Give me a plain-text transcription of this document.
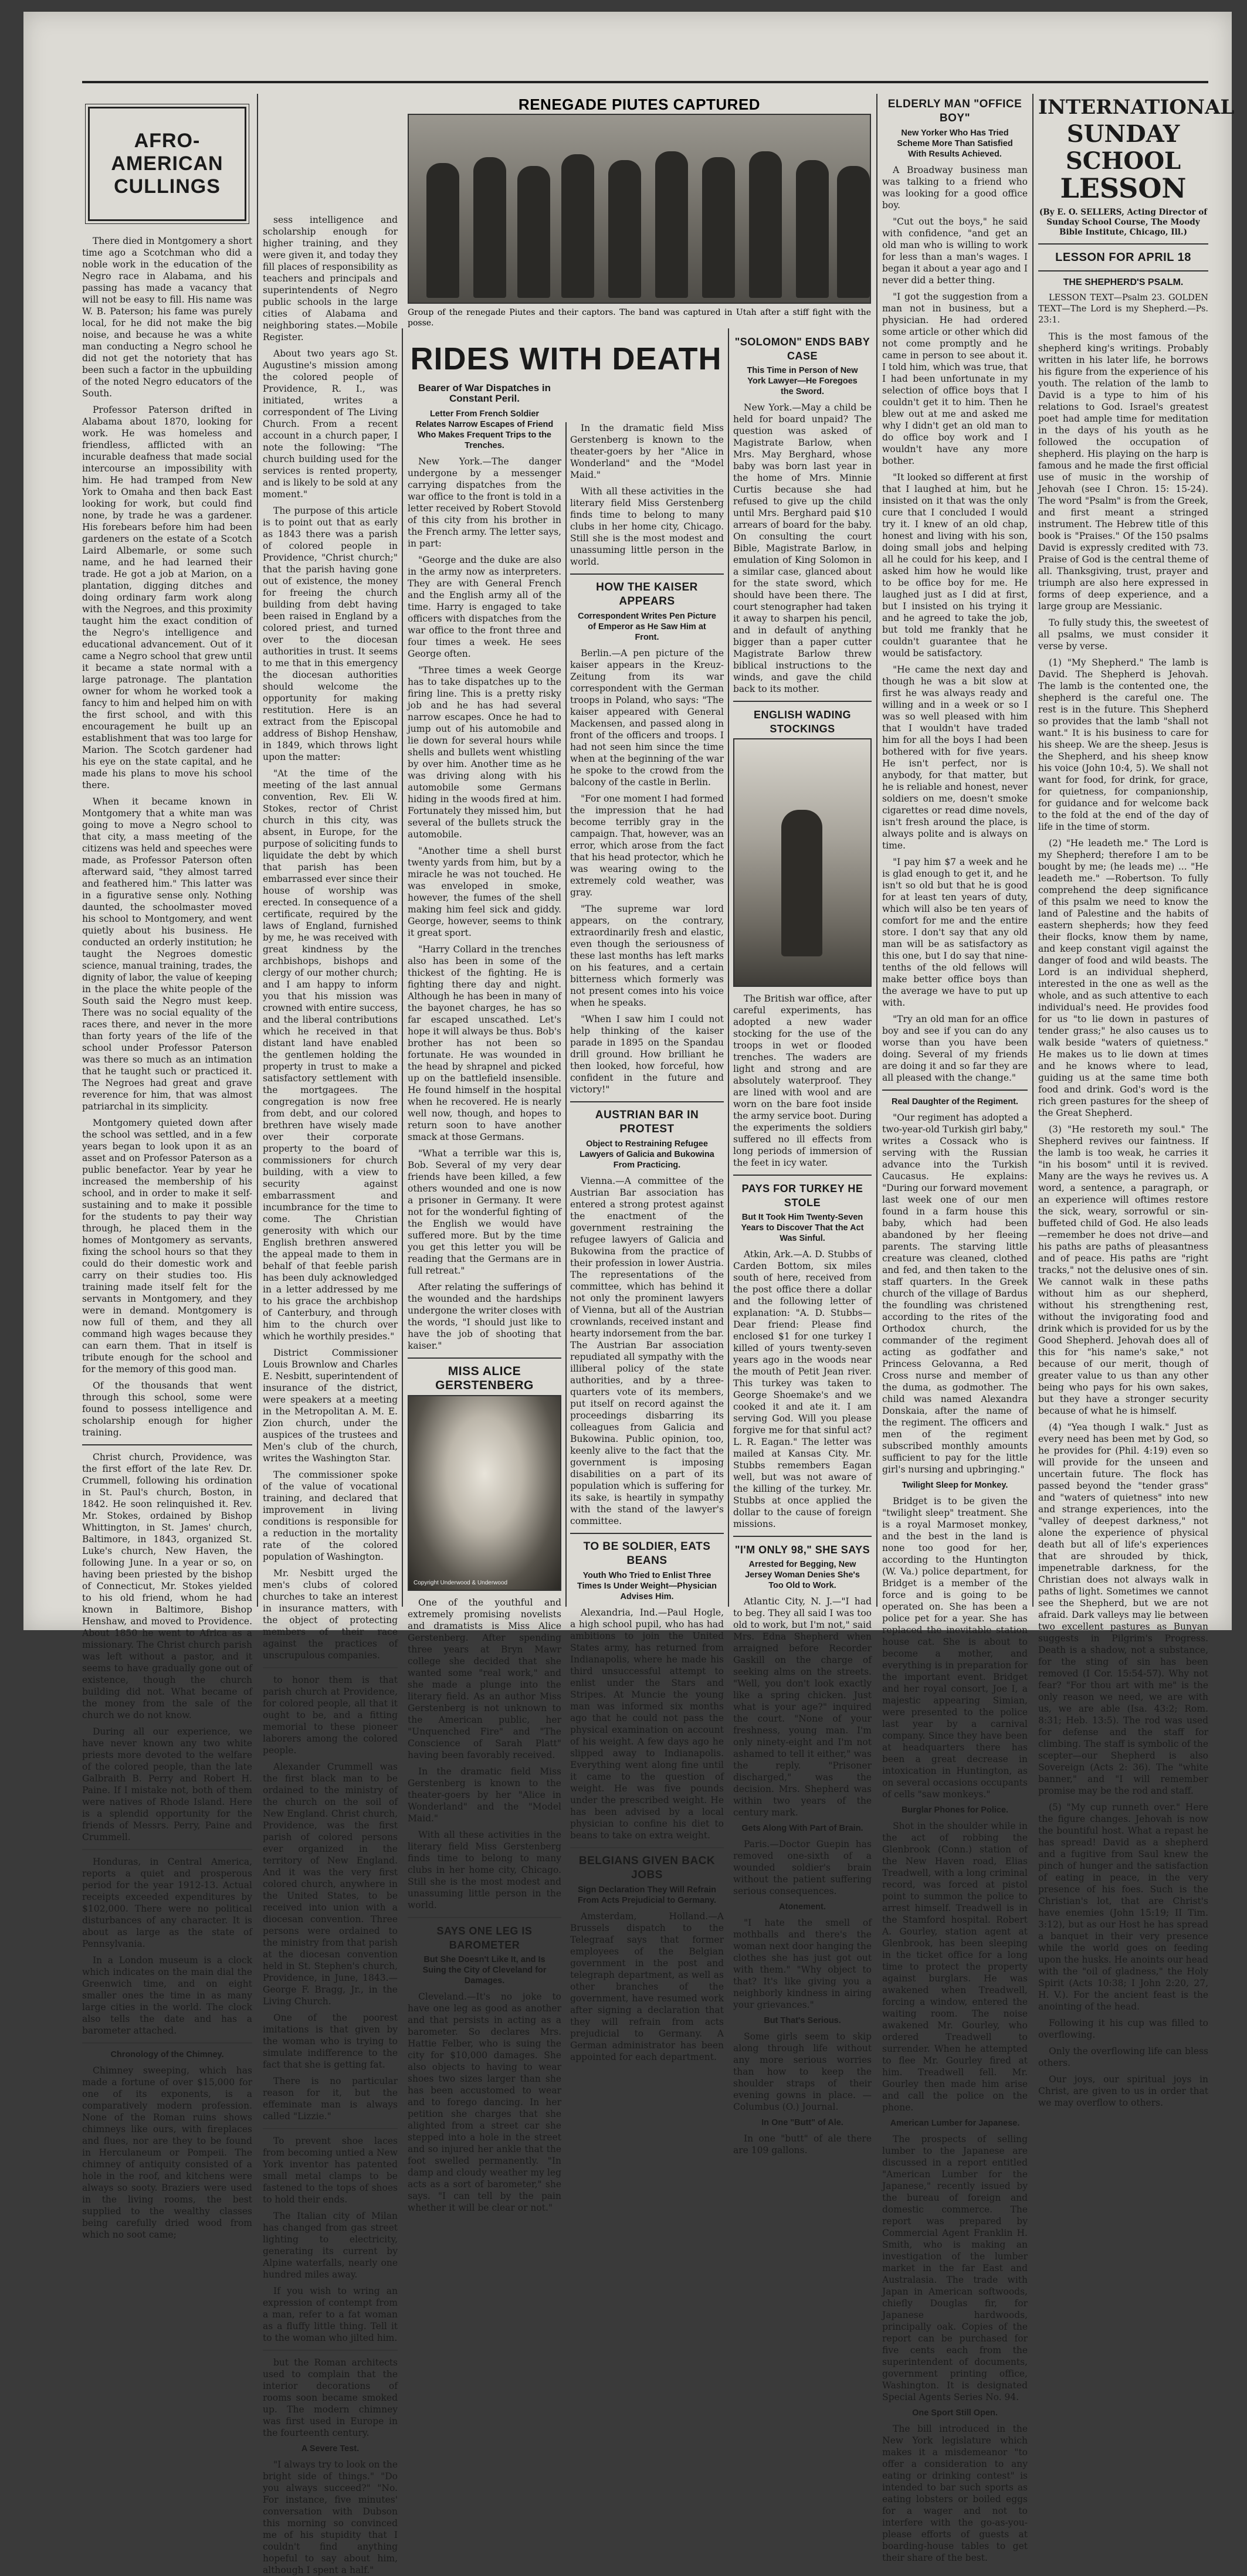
AFRO-AMERICAN CULLINGS

There died in Montgomery a short time ago a Scotchman who did a noble work in the education of the Negro race in Alabama, and his passing has made a vacancy that will not be easy to fill. His name was W. B. Paterson; his fame was purely local, for he did not make the big noise, and because he was a white man conducting a Negro school he did not get the notoriety that has been such a factor in the upbuilding of the noted Negro educators of the South.

Professor Paterson drifted in Alabama about 1870, looking for work. He was homeless and friendless, afflicted with an incurable deafness that made social intercourse an impossibility with him. He had tramped from New York to Omaha and then back East looking for work, but could find none, by trade he was a gardener. His forebears before him had been gardeners on the estate of a Scotch Laird Albemarle, or some such name, and he had learned their trade. He got a job at Marion, on a plantation, digging ditches and doing ordinary farm work along with the Negroes, and this proximity taught him the exact condition of the Negro's intelligence and educational advancement. Out of it came a Negro school that grew until it became a state normal with a large patronage. The plantation owner for whom he worked took a fancy to him and helped him on with the first school, and with this encouragement he built up an establishment that was too large for Marion. The Scotch gardener had his eye on the state capital, and he made his plans to move his school there.

When it became known in Montgomery that a white man was going to move a Negro school to that city, a mass meeting of the citizens was held and speeches were made, as Professor Paterson often afterward said, "they almost tarred and feathered him." This latter was in a figurative sense only. Nothing daunted, the schoolmaster moved his school to Montgomery, and went quietly about his business. He conducted an orderly institution; he taught the Negroes domestic science, manual training, trades, the dignity of labor, the value of keeping in the place the white people of the South said the Negro must keep. There was no social equality of the races there, and never in the more than forty years of the life of the school under Professor Paterson was there so much as an intimation that he taught such or practiced it. The Negroes had great and grave reverence for him, that was almost patriarchal in its simplicity.

Montgomery quieted down after the school was settled, and in a few years began to look upon it as an asset and on Professor Paterson as a public benefactor. Year by year he increased the membership of his school, and in order to make it self-sustaining and to make it possible for the students to pay their way through, he placed them in the homes of Montgomery as servants, fixing the school hours so that they could do their domestic work and carry on their studies too. His training made itself felt for the servants in Montgomery, and they were in demand. Montgomery is now full of them, and they all command high wages because they can earn them. That in itself is tribute enough for the school and for the memory of this good man.

Of the thousands that went through this school, some were found to possess intelligence and scholarship enough for higher training.

Christ church, Providence, was the first effort of the late Rev. Dr. Crummell, following his ordination in St. Paul's church, Boston, in 1842. He soon relinquished it. Rev. Mr. Stokes, ordained by Bishop Whittington, in St. James' church, Baltimore, in 1843, organized St. Luke's church, New Haven, the following June. In a year or so, on having been priested by the bishop of Connecticut, Mr. Stokes yielded to his old friend, whom he had known in Baltimore, Bishop Henshaw, and moved to Providence. About 1850 he went to Africa as a missionary. The Christ church parish was left without a pastor, and it seems to have gradually gone out of existence, though the church building did not. What became of the money from the sale of the church we do not know.

During all our experience, we have never known any two white priests more devoted to the welfare of the colored people, than the late Galbraith B. Perry and Robert H. Paine. If I mistake not, both of them were natives of Rhode Island. Here is a splendid opportunity for the friends of Messrs. Perry, Paine and Crummell.

Honduras, in Central America, reports a quiet and prosperous period for the year 1912-13. Actual receipts exceeded expenditures by $102,000. There were no political disturbances of any character. It is about as large as the state of Pennsylvania.

In a London museum is a clock which indicates on the main dial the Greenwich time, and on eight smaller ones the time in as many large cities in the world. The clock also tells the date and has a barometer attached.

Chronology of the Chimney.

Chimney sweeping, which has made a fortune of over $15,000 for one of its exponents, is a comparatively modern profession. None of the Roman ruins shows chimneys like ours, with fireplaces and flues, nor are they to be found in Herculaneum or Pompeii. The chimney of antiquity consisted of a hole in the roof, and kitchens were always so sooty. Braziers were used in the living rooms, the best supplied to the wealthy classes being carefully dried wood from which no soot came;

sess intelligence and scholarship enough for higher training, and they were given it, and today they fill places of responsibility as teachers and principals and superintendents of Negro public schools in the large cities of Alabama and neighboring states.—Mobile Register.

About two years ago St. Augustine's mission among the colored people of Providence, R. I., was initiated, writes a correspondent of The Living Church. From a recent account in a church paper, I note the following: "The church building used for the services is rented property, and is likely to be sold at any moment."

The purpose of this article is to point out that as early as 1843 there was a parish of colored people in Providence, "Christ church;" that the parish having gone out of existence, the money for freeing the church building from debt having been raised in England by a colored priest, and turned over to the diocesan authorities in trust. It seems to me that in this emergency the diocesan authorities should welcome the opportunity for making restitution. Here is an extract from the Episcopal address of Bishop Henshaw, in 1849, which throws light upon the matter:

"At the time of the meeting of the last annual convention, Rev. Eli W. Stokes, rector of Christ church in this city, was absent, in Europe, for the purpose of soliciting funds to liquidate the debt by which that parish has been embarrassed ever since their house of worship was erected. In consequence of a certificate, required by the laws of England, furnished by me, he was received with great kindness by the archbishops, bishops and clergy of our mother church; and I am happy to inform you that his mission was crowned with entire success, and the liberal contributions which he received in that distant land have enabled the gentlemen holding the property in trust to make a satisfactory settlement with the mortgagees. The congregation is now free from debt, and our colored brethren have wisely made over their corporate property to the board of commissioners for church building, with a view to security against embarrassment and incumbrance for the time to come. The Christian generosity with which our English brethren answered the appeal made to them in behalf of that feeble parish has been duly acknowledged in a letter addressed by me to his grace the archbishop of Canterbury, and through him to the church over which he worthily presides."

District Commissioner Louis Brownlow and Charles E. Nesbitt, superintendent of insurance of the district, were speakers at a meeting in the Metropolitan A. M. E. Zion church, under the auspices of the trustees and Men's club of the church, writes the Washington Star.

The commissioner spoke of the value of vocational training, and declared that improvement in living conditions is responsible for a reduction in the mortality rate of the colored population of Washington.

Mr. Nesbitt urged the men's clubs of colored churches to take an interest in insurance matters, with the object of protecting members of their race against the practices of unscrupulous companies.

to honor them is that parish church at Providence, for colored people, all that it ought to be, and a fitting memorial to these pioneer laborers among the colored people.

Alexander Crummell was the first black man to be ordained to the ministry of the church on the soil of New England. Christ church, Providence, was the first parish of colored persons ever organized in the territory of New England. And it was the very first colored church, anywhere in the United States, to be received into union with a diocesan convention. Three persons were ordained to the ministry from that parish at the diocesan convention held in St. Stephen's church, Providence, in June, 1843.—George F. Bragg, Jr., in the Living Church.

One of the poorest imitations is that given by the woman who is trying to simulate indifference to the fact that she is getting fat.

There is no particular reason for it, but the effeminate man is always called "Lizzie."

To prevent shoe laces from becoming untied a New York inventor has patented small metal clamps to be fastened to the tops of shoes to hold their ends.

The Italian city of Milan has changed from gas street lighting to electricity, generating its current by Alpine waterfalls, nearly one hundred miles away.

If you wish to wring an expression of contempt from a man, refer to a fat woman as a fluffy little thing. Tell it to the woman who jilted him.

but the Roman architects used to complain that the interior decorations of rooms soon became smoked up. The modern chimney was first used in Europe in the fourteenth century.

A Severe Test.

"I always try to look on the bright side of things." "Do you always succeed?" "No. For instance, five minutes' conversation with Dubson this morning so convinced me of his stupidity that I couldn't find anything hopeful to say about him, although I spent a half."

RENEGADE PIUTES CAPTURED
Group of the renegade Piutes and their captors. The band was captured in Utah after a stiff fight with the posse.
RIDES WITH DEATH
Bearer of War Dispatches in Constant Peril.
Letter From French Soldier Relates Narrow Escapes of Friend Who Makes Frequent Trips to the Trenches.

New York.—The danger undergone by a messenger carrying dispatches from the war office to the front is told in a letter received by Robert Stovold of this city from his brother in the French army. The letter says, in part:

"George and the duke are also in the army now as interpreters. They are with General French and the English army all of the time. Harry is engaged to take officers with dispatches from the war office to the front three and four times a week. He sees George often.

"Three times a week George has to take dispatches up to the firing line. This is a pretty risky job and he has had several narrow escapes. Once he had to jump out of his automobile and lie down for several hours while shells and bullets went whistling by over him. Another time as he was driving along with his automobile some Germans hiding in the woods fired at him. Fortunately they missed him, but several of the bullets struck the automobile.

"Another time a shell burst twenty yards from him, but by a miracle he was not touched. He was enveloped in smoke, however, the fumes of the shell making him feel sick and giddy. George, however, seems to think it great sport.

"Harry Collard in the trenches also has been in some of the thickest of the fighting. He is fighting there day and night. Although he has been in many of the bayonet charges, he has so far escaped unscathed. Let's hope it will always be thus. Bob's brother has not been so fortunate. He was wounded in the head by shrapnel and picked up on the battlefield insensible. He found himself in the hospital when he recovered. He is nearly well now, though, and hopes to return soon to have another smack at those Germans.

"What a terrible war this is, Bob. Several of my very dear friends have been killed, a few others wounded and one is now a prisoner in Germany. It were not for the wonderful fighting of the English we would have suffered more. But by the time you get this letter you will be reading that the Germans are in full retreat."

After relating the sufferings of the wounded and the hardships undergone the writer closes with the words, "I should just like to have the job of shooting that kaiser."

MISS ALICE GERSTENBERG
Copyright Underwood & Underwood

One of the youthful and extremely promising novelists and dramatists is Miss Alice Gerstenberg. After spending three years at Bryn Mawr college she decided that she wanted some "real work," and she made a plunge into the literary field. As an author Miss Gerstenberg is not unknown to the American public, her "Unquenched Fire" and "The Conscience of Sarah Platt" having been favorably received.

In the dramatic field Miss Gerstenberg is known to the theater-goers by her "Alice in Wonderland" and the "Model Maid."

With all these activities in the literary field Miss Gerstenberg finds time to belong to many clubs in her home city, Chicago. Still she is the most modest and unassuming little person in the world.

SAYS ONE LEG IS BAROMETER
But She Doesn't Like It, and Is Suing the City of Cleveland for Damages.

Cleveland.—It's no joke to have one leg as good as another and that persists in acting as a barometer. So declares Mrs. Hattie Felber, who is suing the city for $10,000 damages. She also objects to having to wear shoes two sizes larger than she has been accustomed to wear and to forego dancing. In her petition she charges that she alighted from a street car she stepped into a hole in the street and so injured her ankle that the foot swelled permanently. "In damp and cloudy weather my leg acts as a sort of barometer," she says. "I can tell by the pain whether it will be clear or not."

In the dramatic field Miss Gerstenberg is known to the theater-goers by her "Alice in Wonderland" and the "Model Maid."

With all these activities in the literary field Miss Gerstenberg finds time to belong to many clubs in her home city, Chicago. Still she is the most modest and unassuming little person in the world.

HOW THE KAISER APPEARS
Correspondent Writes Pen Picture of Emperor as He Saw Him at Front.

Berlin.—A pen picture of the kaiser appears in the Kreuz-Zeitung from its war correspondent with the German troops in Poland, who says: "The kaiser appeared with General Mackensen, and passed along in front of the officers and troops. I had not seen him since the time when at the beginning of the war he spoke to the crowd from the balcony of the castle in Berlin.

"For one moment I had formed the impression that he had become terribly gray in the campaign. That, however, was an error, which arose from the fact that his head protector, which he was wearing owing to the extremely cold weather, was gray.

"The supreme war lord appears, on the contrary, extraordinarily fresh and elastic, even though the seriousness of these last months has left marks on his features, and a certain bitterness which formerly was not present comes into his voice when he speaks.

"When I saw him I could not help thinking of the kaiser parade in 1895 on the Spandau drill ground. How brilliant he then looked, how forceful, how confident in the future and victory!"

AUSTRIAN BAR IN PROTEST
Object to Restraining Refugee Lawyers of Galicia and Bukowina From Practicing.

Vienna.—A committee of the Austrian Bar association has entered a strong protest against the enactment of the government restraining the refugee lawyers of Galicia and Bukowina from the practice of their profession in lower Austria. The representations of the committee, which has behind it not only the prominent lawyers of Vienna, but all of the Austrian crownlands, received instant and hearty indorsement from the bar. The Austrian Bar association repudiated all sympathy with the illiberal policy of the state authorities, and by a three-quarters vote of its members, put itself on record against the proceedings disbarring its colleagues from Galicia and Bukowina. Public opinion, too, keenly alive to the fact that the government is imposing disabilities on a part of its population which is suffering for its sake, is heartily in sympathy with the stand of the lawyer's committee.

TO BE SOLDIER, EATS BEANS
Youth Who Tried to Enlist Three Times Is Under Weight—Physician Advises Him.

Alexandria, Ind.—Paul Hogle, a high school pupil, who has had ambitions to join the United States army, has returned from Indianapolis, where he made his third unsuccessful attempt to enlist under the Stars and Stripes. At Muncie the young man was informed six months ago that he could not pass the physical examination on account of his weight. A few days ago he slipped away to Indianapolis. Everything went along fine until it came to the question of weight. He was five pounds under the prescribed weight. He has been advised by a local physician to confine his diet to beans to take on extra weight.

BELGIANS GIVEN BACK JOBS
Sign Declaration They Will Refrain From Acts Prejudicial to Germany.

Amsterdam, Holland.—A Brussels dispatch to the Telegraaf says that former employees of the Belgian government in the post and telegraph department, as well as other branches of the government, have resumed work after signing a declaration that they will refrain from acts prejudicial to Germany. A German administrator has been appointed for each department.

"SOLOMON" ENDS BABY CASE
This Time in Person of New York Lawyer—He Foregoes the Sword.

New York.—May a child be held for board unpaid? The question was asked of Magistrate Barlow, when Mrs. May Berghard, whose baby was born last year in the home of Mrs. Minnie Curtis because she had refused to give up the child until Mrs. Berghard paid $10 arrears of board for the baby. On consulting the court Bible, Magistrate Barlow, in emulation of King Solomon in a similar case, glanced about for the state sword, which should have been there. The court stenographer had taken it away to sharpen his pencil, and in default of anything bigger than a paper cutter Magistrate Barlow threw biblical instructions to the winds, and gave the child back to its mother.

ENGLISH WADING STOCKINGS

The British war office, after careful experiments, has adopted a new wader stocking for the use of the troops in wet or flooded trenches. The waders are light and strong and are absolutely waterproof. They are lined with wool and are worn on the bare foot inside the army service boot. During the experiments the soldiers suffered no ill effects from long periods of immersion of the feet in icy water.

PAYS FOR TURKEY HE STOLE
But It Took Him Twenty-Seven Years to Discover That the Act Was Sinful.

Atkin, Ark.—A. D. Stubbs of Carden Bottom, six miles south of here, received from the post office there a dollar and the following letter of explanation: "A. D. Stubbs—Dear friend: Please find enclosed $1 for one turkey I killed of yours twenty-seven years ago in the woods near the mouth of Petit Jean river. This turkey was taken to George Shoemake's and we cooked it and ate it. I am serving God. Will you please forgive me for that sinful act? L. R. Eagan." The letter was mailed at Kansas City. Mr. Stubbs remembers Eagan well, but was not aware of the killing of the turkey. Mr. Stubbs at once applied the dollar to the cause of foreign missions.

"I'M ONLY 98," SHE SAYS
Arrested for Begging, New Jersey Woman Denies She's Too Old to Work.

Atlantic City, N. J.—"I had to beg. They all said I was too old to work, but I'm not," said Mrs. Edna Shepherd when arraigned before Recorder Gaskill on the charge of seeking alms on the streets. "Well, you don't look exactly like a spring chicken. Just what is your age?" inquired the court. "None of your freshness, young man. I'm only ninety-eight and I'm not ashamed to tell it either," was the reply. "Prisoner discharged," was the decision. Mrs. Shepherd was within two years of the century mark.

Gets Along With Part of Brain.

Paris.—Doctor Guepin has removed one-sixth of a wounded soldier's brain without the patient suffering serious consequences.

Atonement.

"I hate the smell of mothballs and there's the woman next door hanging the clothes she has just got out with them." "Why object to that? It's like giving you a neighborly kindness in airing your grievances."

But That's Serious.

Some girls seem to skip along through life without any more serious worries than how to keep the shoulder straps of their evening gowns in place. —Columbus (O.) Journal.

In One "Butt" of Ale.

In one "butt" of ale there are 109 gallons.

ELDERLY MAN "OFFICE BOY"
New Yorker Who Has Tried Scheme More Than Satisfied With Results Achieved.

A Broadway business man was talking to a friend who was looking for a good office boy.

"Cut out the boys," he said with confidence, "and get an old man who is willing to work for less than a man's wages. I began it about a year ago and I never did a better thing.

"I got the suggestion from a man not in business, but a physician. He had ordered some article or other which did not come promptly and he came in person to see about it. I told him, which was true, that I had been unfortunate in my selection of office boys that I couldn't get it to him. Then he blew out at me and asked me why I didn't get an old man to do office boy work and I wouldn't have any more bother.

"It looked so different at first that I laughed at him, but he insisted on it that was the only cure that I concluded I would try it. I knew of an old chap, honest and living with his son, doing small jobs and helping all he could for his keep, and I asked him how he would like to be office boy for me. He laughed just as I did at first, but I insisted on his trying it and he agreed to take the job, but told me frankly that he couldn't guarantee that he would be satisfactory.

"He came the next day and though he was a bit slow at first he was always ready and willing and in a week or so I was so well pleased with him that I wouldn't have traded him for all the boys I had been bothered with for five years. He isn't perfect, nor is anybody, for that matter, but he is reliable and honest, never soldiers on me, doesn't smoke cigarettes or read dime novels, isn't fresh around the place, is always polite and is always on time.

"I pay him $7 a week and he is glad enough to get it, and he isn't so old but that he is good for at least ten years of duty, which will also be ten years of comfort for me and the entire store. I don't say that any old man will be as satisfactory as this one, but I do say that nine-tenths of the old fellows will make better office boys than the average we have to put up with.

"Try an old man for an office boy and see if you can do any worse than you have been doing. Several of my friends are doing it and so far they are all pleased with the change."

Real Daughter of the Regiment.

"Our regiment has adopted a two-year-old Turkish girl baby," writes a Cossack who is serving with the Russian advance into the Turkish Caucasus. He explains: "During our forward movement last week one of our men found in a farm house this baby, which had been abandoned by her fleeing parents. The starving little creature was cleaned, clothed and fed, and then taken to the staff quarters. In the Greek church of the village of Bardus the foundling was christened according to the rites of the Orthodox church, the commander of the regiment acting as godfather and Princess Gelovanna, a Red Cross nurse and member of the duma, as godmother. The child was named Alexandra Donskaia, after the name of the regiment. The officers and men of the regiment subscribed monthly amounts sufficient to pay for the little girl's nursing and upbringing."

Twilight Sleep for Monkey.

Bridget is to be given the "twilight sleep" treatment. She is a royal Marmoset monkey, and the best in the land is none too good for her, according to the Huntington (W. Va.) police department, for Bridget is a member of the force and is going to be operated on. She has been a police pet for a year. She has replaced the inevitable station house cat. She is about to become a mother, and everything is in preparation for the important event. Bridget and her royal consort, Joe I, a majestic appearing Simian, were presented to the police last year by a carnival company. Since they have been at headquarters there has been a great decrease in intoxication in Huntington, as on several occasions occupants of cells "saw monkeys."

Burglar Phones for Police.

Shot in the shoulder while in the act of robbing the Glenbrook (Conn.) station of the New Haven road, Elias Treadwell, with a long criminal record, was forced at pistol point to summon the police to arrest himself. Treadwell is in the Stamford hospital. Robert A. Gourley, station agent at Glenbrook, has been sleeping in the ticket office for a long time to protect the property against burglars. He was awakened when Treadwell, forcing a window, entered the waiting room. The noise awakened Mr. Gourley, who ordered Treadwell to surrender. When he attempted to flee Mr. Gourley fired at him. Treadwell fell. Mr. Gourley then made him arise and call the police on the phone.

American Lumber for Japanese.

The prospects of selling lumber to the Japanese are discussed in a report entitled "American Lumber for the Japanese," recently issued by the bureau of foreign and domestic commerce. The report was prepared by Commercial Agent Franklin H. Smith, who is making an investigation of the lumber market in the far East and Australasia. The trade with Japan in American softwoods, chiefly Douglas fir, for Japanese hardwoods, principally oak. Copies of the report can be purchased for five cents each from the superintendent of documents, government printing office, Washington. It is designated Special Agents Series No. 94.

One Sport Still Open.

The bill introduced in the New York legislature which makes it a misdemeanor "to offer a consideration to any eating or drinking contest" is intended to bar such sports as eating lobsters or boiled eggs for a wager and not to interfere with the go-as-you-please efforts of guests at boarding-house tables to get their share of the best.

INTERNATIONAL
SUNDAY SCHOOL
LESSON
(By E. O. SELLERS, Acting Director of Sunday School Course, The Moody Bible Institute, Chicago, Ill.)
LESSON FOR APRIL 18
THE SHEPHERD'S PSALM.

LESSON TEXT—Psalm 23. GOLDEN TEXT—The Lord is my Shepherd.—Ps. 23:1.

This is the most famous of the shepherd king's writings. Probably written in his later life, he borrows his figure from the experience of his youth. The relation of the lamb to David is a type to him of his relations to God. Israel's greatest poet had ample time for meditation in the days of his youth as he followed the occupation of shepherd. His playing on the harp is famous and he made the first official use of music in the worship of Jehovah (see I Chron. 15: 15-24). The word "Psalm" is from the Greek, and first meant a stringed instrument. The Hebrew title of this book is "Praises." Of the 150 psalms David is expressly credited with 73. Praise of God is the central theme of all. Thanksgiving, trust, prayer and triumph are also here expressed in forms of deep experience, and a large group are Messianic.

To fully study this, the sweetest of all psalms, we must consider it verse by verse.

(1) "My Shepherd." The lamb is David. The Shepherd is Jehovah. The lamb is the contented one, the shepherd is the careful one. The rest is in the future. This Shepherd so provides that the lamb "shall not want." It is his business to care for his sheep. We are the sheep. Jesus is the Shepherd, and his sheep know his voice (John 10:4, 5). We shall not want for food, for drink, for grace, for quietness, for companionship, for guidance and for welcome back to the fold at the end of the day of life in the time of storm.

(2) "He leadeth me." The Lord is my Shepherd; therefore I am to be bought by me; (he leads me) ... "He leadeth me." —Robertson. To fully comprehend the deep significance of this psalm we need to know the land of Palestine and the habits of eastern shepherds; how they feed their flocks, know them by name, and keep constant vigil against the danger of food and wild beasts. The Lord is an individual shepherd, interested in the one as well as the whole, and as such attentive to each individual's need. He provides food for us "to lie down in pastures of tender grass;" he also causes us to walk beside "waters of quietness." He makes us to lie down at times and he knows where to lead, guiding us at the same time both food and drink. God's word is the rich green pastures for the sheep of the Great Shepherd.

(3) "He restoreth my soul." The Shepherd revives our faintness. If the lamb is too weak, he carries it "in his bosom" until it is revived. Many are the ways he revives us. A word, a sentence, a paragraph, or an experience will oftimes restore the sick, weary, sorrowful or sin-buffeted child of God. He also leads—remember he does not drive—and his paths are paths of pleasantness and of peace. His paths are "right tracks," not the delusive ones of sin. We cannot walk in these paths without him as our shepherd, without his strengthening rest, without the invigorating food and drink which is provided for us by the Good Shepherd. Jehovah does all of this for "his name's sake," not because of our merit, though of greater value to us than any other being who pays for his own sakes, but they have a stronger security because of what he is himself.

(4) "Yea though I walk." Just as every need has been met by God, so he provides for (Phil. 4:19) even so will provide for the unseen and uncertain future. The flock has passed beyond the "tender grass" and "waters of quietness" into new and strange experiences, into the "valley of deepest darkness," not alone the experience of physical death but all of life's experiences that are shrouded by thick, impenetrable darkness, for the Christian does not always walk in paths of light. Sometimes we cannot see the Shepherd, but we are not afraid. Dark valleys may lie between two excellent pastures as Bunyan suggests in Pilgrim's Progress. Death is a shadow, not a substance, for the sting of sin has been removed (I Cor. 15:54-57). Why not fear? "For thou art with me" is the only reason we need, we are with us, we are able (Isa. 43:2; Rom. 8:31; Heb. 13:5). The rod was used for defense and the staff for climbing. The staff is symbolic of the scepter—our Shepherd is also Sovereign (Acts 2: 36). The "white banner," and "I will remember promise may be the rod and staff.

(5) "My cup runneth over." Here the figure changes. Jehovah is now the bountiful host. What a repast he has spread! David as a shepherd and a fugitive from Saul knew the pinch of hunger and the satisfaction of eating in peace, in the very presence of his foes. Such is the Christian's lot, that are Christ's have enemies (John 15:19; II Tim. 3:12), but as our Host he has spread a banquet in their very presence while the world goes on feeding upon the husks. He anoints our head with the "oil of gladness," the Holy Spirit (Acts 10:38; I John 2:20, 27, H. V.). For the ancient feast is the anointing of the head.

Following it his cup was filled to overflowing.

Only the overflowing life can bless others.

Our joys, our spiritual joys in Christ, are given to us in order that we may overflow to others.
